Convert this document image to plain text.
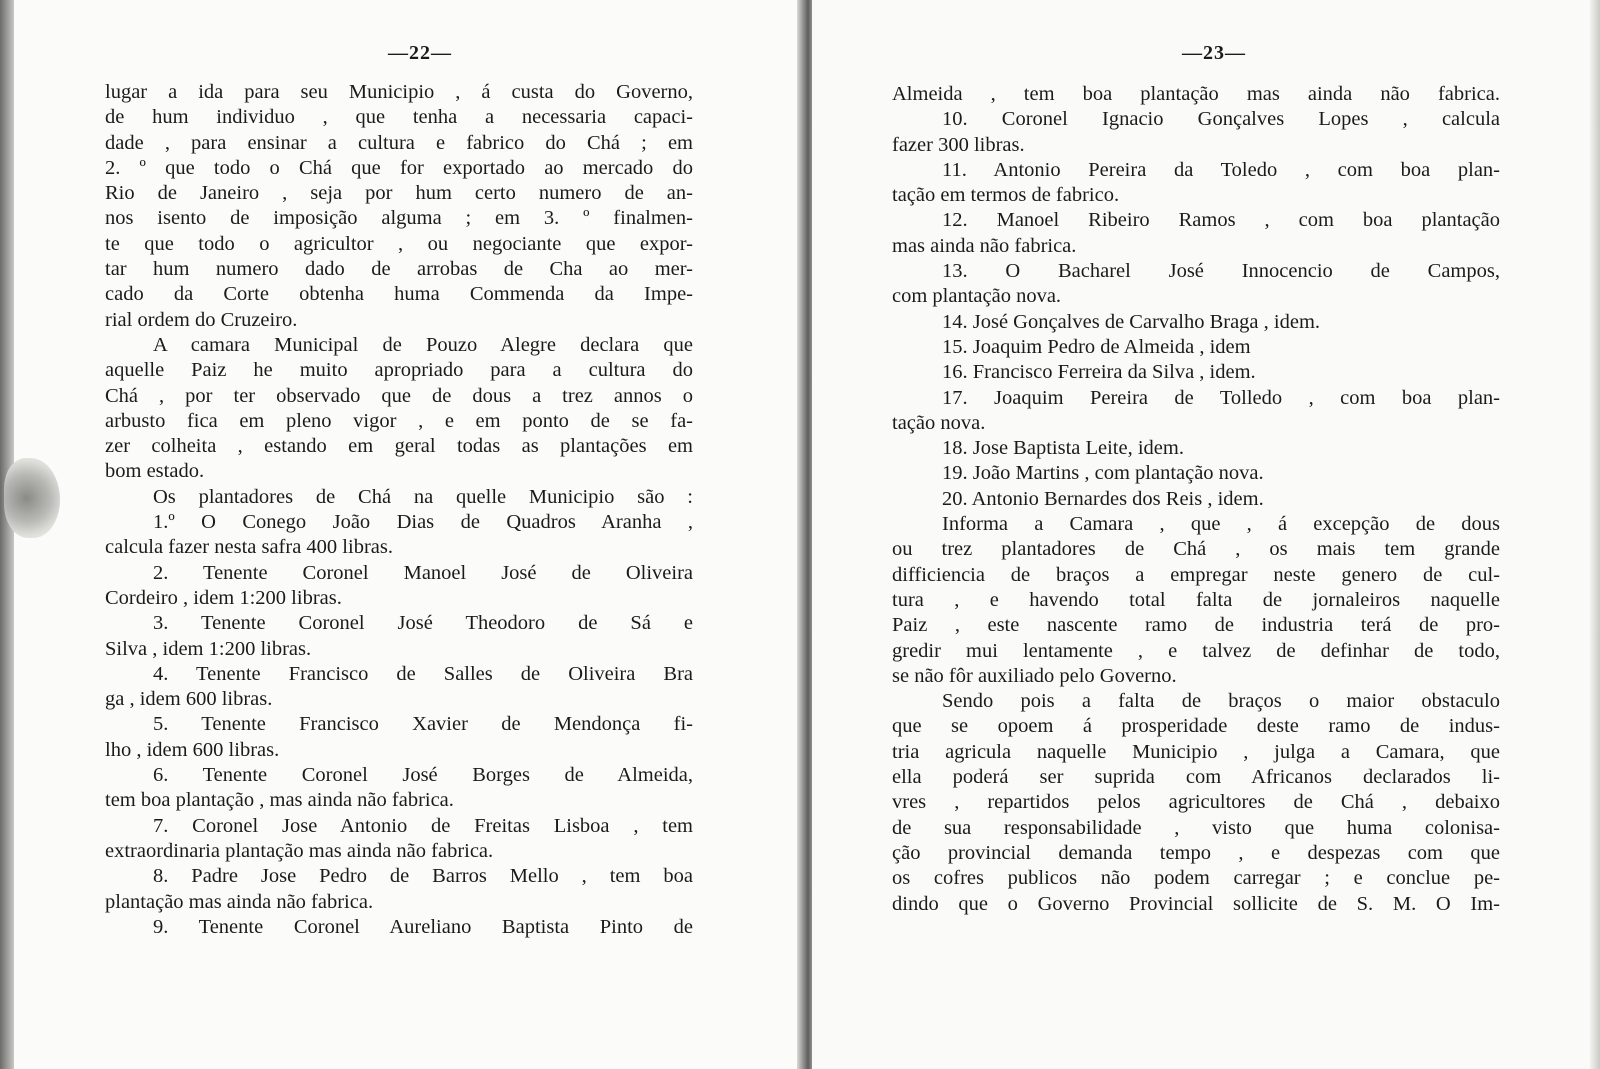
—22—
lugar a ida para seu Municipio , á custa do Governo,
de hum individuo , que tenha a necessaria capaci-
dade , para ensinar a cultura e fabrico do Chá ; em
2. º que todo o Chá que for exportado ao mercado do
Rio de Janeiro , seja por hum certo numero de an-
nos isento de imposição alguma ; em 3. º finalmen-
te que todo o agricultor , ou negociante que expor-
tar hum numero dado de arrobas de Cha ao mer-
cado da Corte obtenha huma Commenda da Impe-
rial ordem do Cruzeiro.
A camara Municipal de Pouzo Alegre declara que
aquelle Paiz he muito apropriado para a cultura do
Chá , por ter observado que de dous a trez annos o
arbusto fica em pleno vigor , e em ponto de se fa-
zer colheita , estando em geral todas as plantações em
bom estado.
Os plantadores de Chá na quelle Municipio são :
1.º O Conego João Dias de Quadros Aranha ,
calcula fazer nesta safra 400 libras.
2. Tenente Coronel Manoel José de Oliveira
Cordeiro , idem 1:200 libras.
3. Tenente Coronel José Theodoro de Sá e
Silva , idem 1:200 libras.
4. Tenente Francisco de Salles de Oliveira Bra
ga , idem 600 libras.
5. Tenente Francisco Xavier de Mendonça fi-
lho , idem 600 libras.
6. Tenente Coronel José Borges de Almeida,
tem boa plantação , mas ainda não fabrica.
7. Coronel Jose Antonio de Freitas Lisboa , tem
extraordinaria plantação mas ainda não fabrica.
8. Padre Jose Pedro de Barros Mello , tem boa
plantação mas ainda não fabrica.
9. Tenente Coronel Aureliano Baptista Pinto de
—23—
Almeida , tem boa plantação mas ainda não fabrica.
10. Coronel Ignacio Gonçalves Lopes , calcula
fazer 300 libras.
11. Antonio Pereira da Toledo , com boa plan-
tação em termos de fabrico.
12. Manoel Ribeiro Ramos , com boa plantação
mas ainda não fabrica.
13. O Bacharel José Innocencio de Campos,
com plantação nova.
14. José Gonçalves de Carvalho Braga , idem.
15. Joaquim Pedro de Almeida , idem
16. Francisco Ferreira da Silva , idem.
17. Joaquim Pereira de Tolledo , com boa plan-
tação nova.
18. Jose Baptista Leite, idem.
19. João Martins , com plantação nova.
20. Antonio Bernardes dos Reis , idem.
Informa a Camara , que , á excepção de dous
ou trez plantadores de Chá , os mais tem grande
difficiencia de braços a empregar neste genero de cul-
tura , e havendo total falta de jornaleiros naquelle
Paiz , este nascente ramo de industria terá de pro-
gredir mui lentamente , e talvez de definhar de todo,
se não fôr auxiliado pelo Governo.
Sendo pois a falta de braços o maior obstaculo
que se opoem á prosperidade deste ramo de indus-
tria agricula naquelle Municipio , julga a Camara, que
ella poderá ser suprida com Africanos declarados li-
vres , repartidos pelos agricultores de Chá , debaixo
de sua responsabilidade , visto que huma colonisa-
ção provincial demanda tempo , e despezas com que
os cofres publicos não podem carregar ; e conclue pe-
dindo que o Governo Provincial sollicite de S. M. O Im-
